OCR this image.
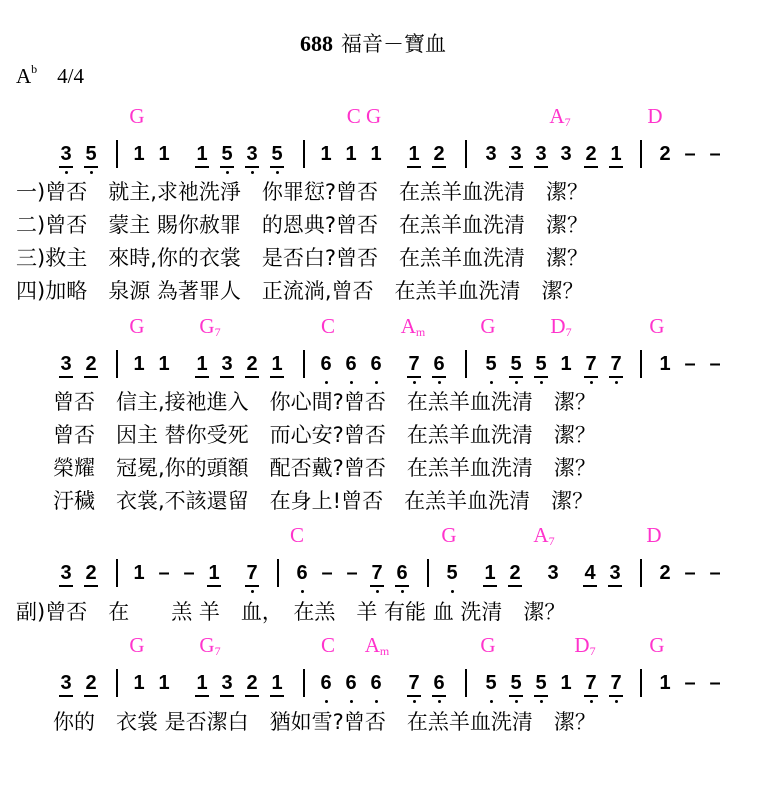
688 福音－寶血
$A^b$ 4/4
G	C G	$A_7$	D
3 5 1 1 1 5 3 5 1 1 1 1 2 3 3 3 3 2 1 2 – –
一)曾否　就主,求祂洗淨　你罪愆?曾否　在羔羊血洗清　潔？
二)曾否　蒙主 賜你赦罪　的恩典?曾否　在羔羊血洗清　潔？
三)救主　來時,你的衣裳　是否白?曾否　在羔羊血洗清　潔？
四)加略　泉源 為著罪人　正流淌,曾否　在羔羊血洗清　潔？
G	$G_7$	C	$A_m$	G	$D_7$	G
3 2 1 1 1 3 2 1 6 6 6 7 6 5 5 5 1 7 7 1 – –
曾否　信主,接祂進入　你心間?曾否　在羔羊血洗清　潔？
曾否　因主 替你受死　而心安?曾否　在羔羊血洗清　潔？
榮耀　冠冕,你的頭額　配否戴?曾否　在羔羊血洗清　潔？
汙穢　衣裳,不該還留　在身上!曾否　在羔羊血洗清　潔？
C	G	$A_7$	D
3 2 1 – – 1 7 6 – – 7 6 5 1 2 3 4 3 2 – –
副)曾否　在　　羔 羊　血，　在羔　羊 有能 血 洗清　潔？
G	$G_7$	C $A_m$	G	$D_7$	G
3 2 1 1 1 3 2 1 6 6 6 7 6 5 5 5 1 7 7 1 – –
你的　衣裳 是否潔白　猶如雪?曾否　在羔羊血洗清　潔？
